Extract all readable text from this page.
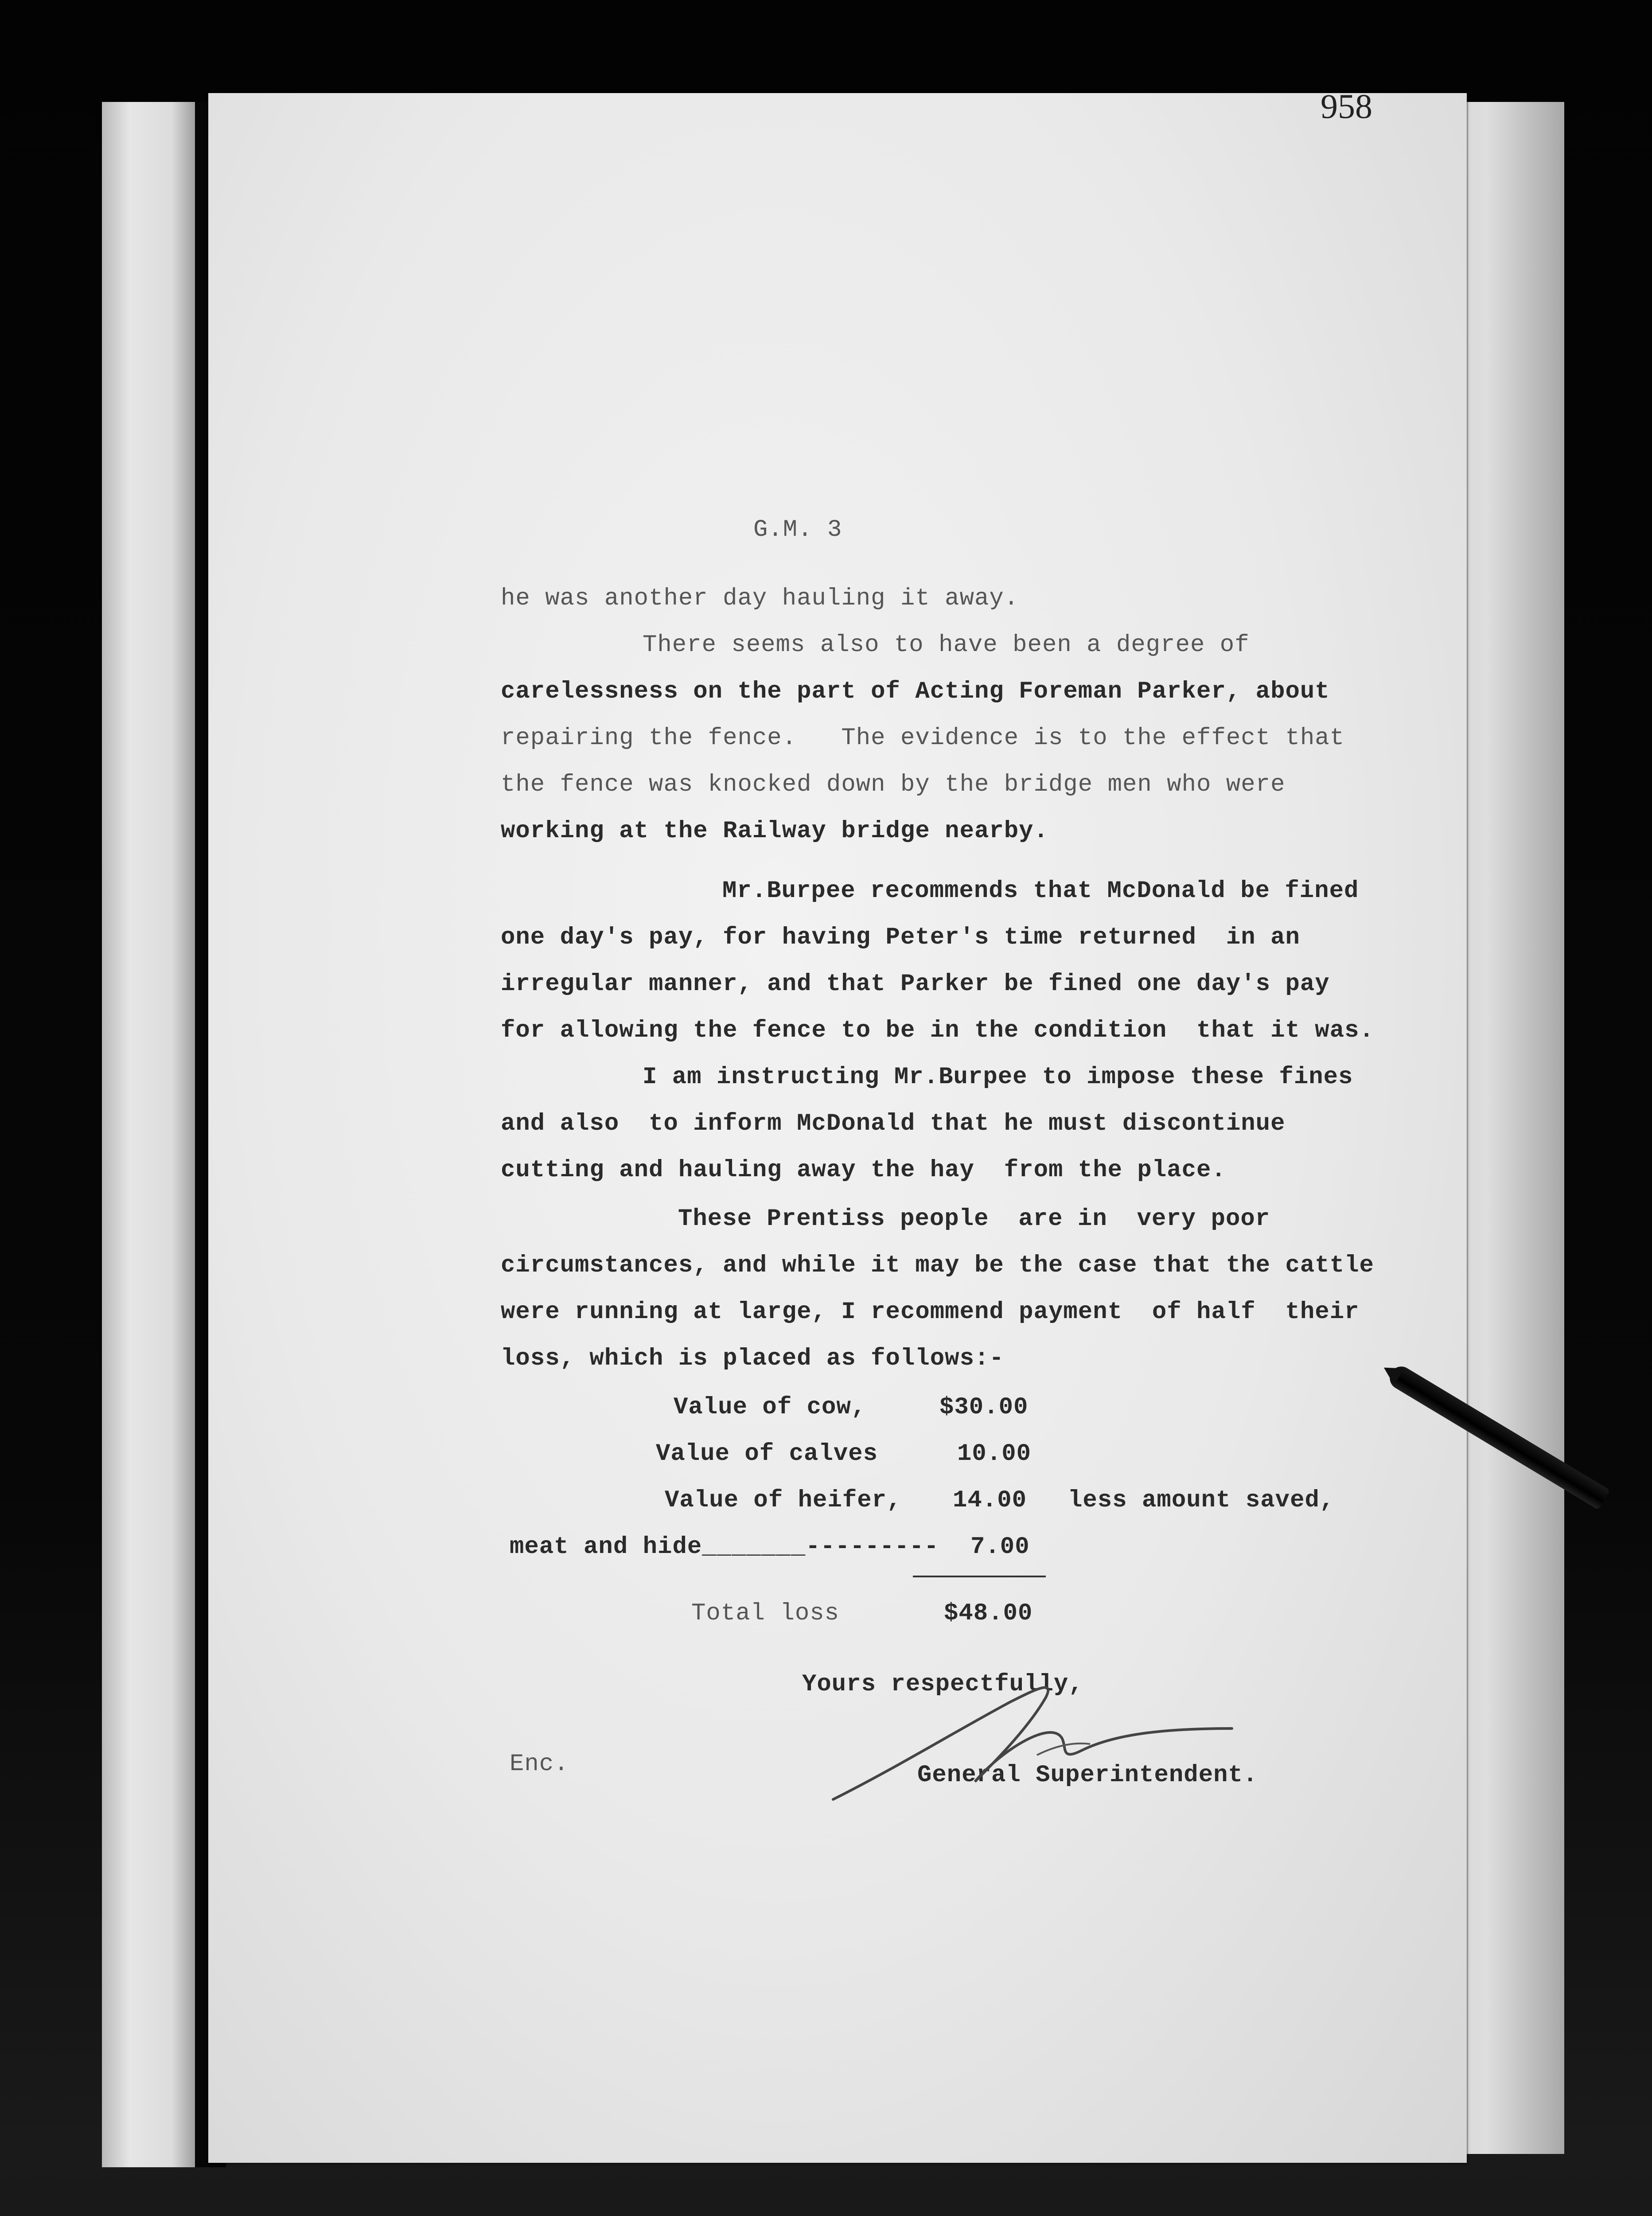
958

G.M. 3

he was another day hauling it away.

There seems also to have been a degree of

carelessness on the part of Acting Foreman Parker, about

repairing the fence.   The evidence is to the effect that

the fence was knocked down by the bridge men who were

working at the Railway bridge nearby.

Mr.Burpee recommends that McDonald be fined

one day's pay, for having Peter's time returned  in an

irregular manner, and that Parker be fined one day's pay

for allowing the fence to be in the condition  that it was.

I am instructing Mr.Burpee to impose these fines

and also  to inform McDonald that he must discontinue

cutting and hauling away the hay  from the place.

These Prentiss people  are in  very poor

circumstances, and while it may be the case that the cattle

were running at large, I recommend payment  of half  their

loss, which is placed as follows:-

Value of cow,	$30.00

Value of calves	10.00

Value of heifer, 14.00 less amount saved,

meat and hide_______--------- 7.00

Total loss	$48.00

Yours respectfully,

Enc.	General Superintendent.
